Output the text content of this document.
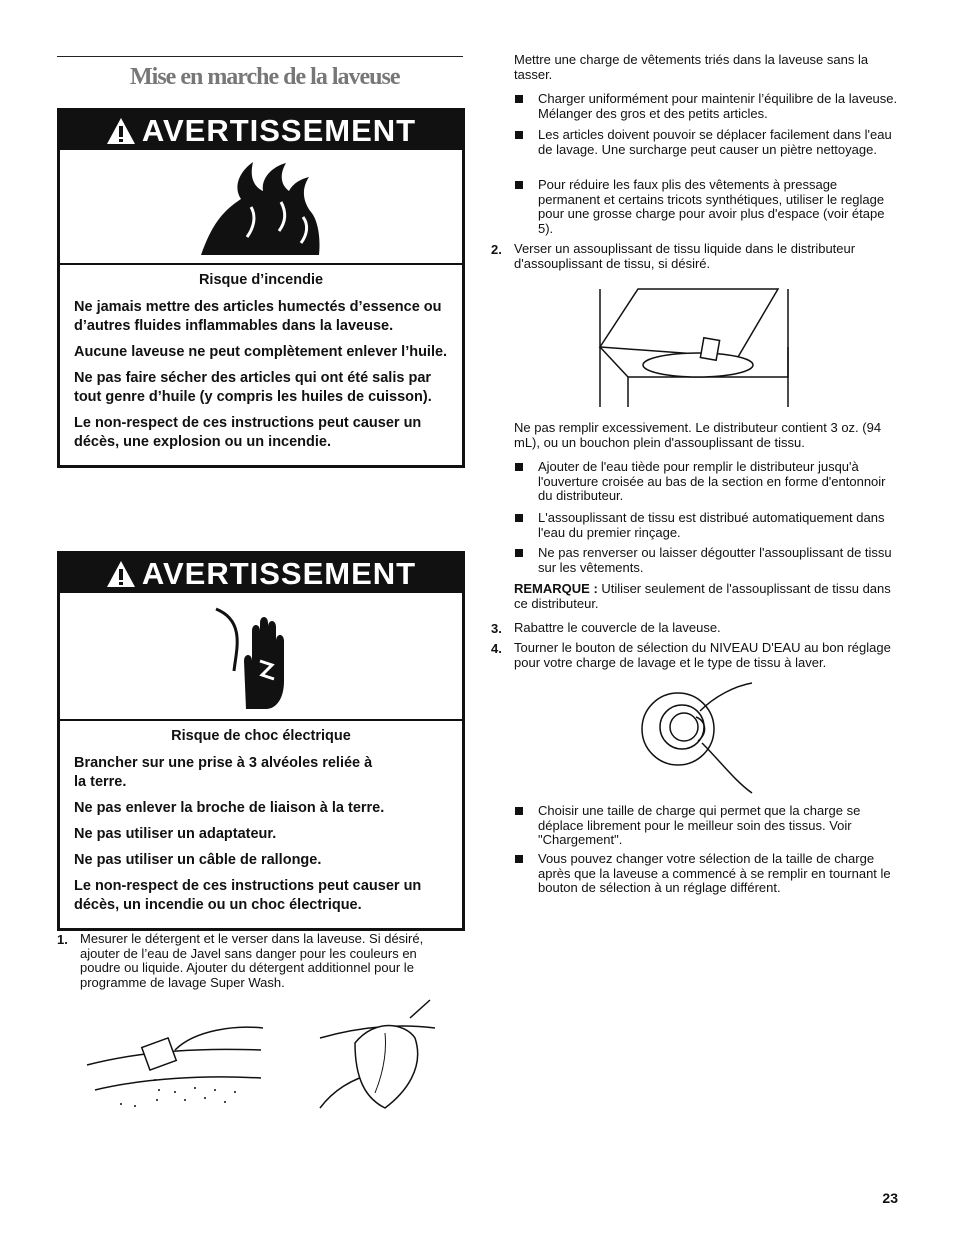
Mise en marche de la laveuse
AVERTISSEMENT
Risque d’incendie

Ne jamais mettre des articles humectés d’essence ou d’autres fluides inflammables dans la laveuse.

Aucune laveuse ne peut complètement enlever l’huile.

Ne pas faire sécher des articles qui ont été salis par tout genre d’huile (y compris les huiles de cuisson).

Le non-respect de ces instructions peut causer un décès, une explosion ou un incendie.

AVERTISSEMENT
Risque de choc électrique

Brancher sur une prise à 3 alvéoles reliée à la terre.

Ne pas enlever la broche de liaison à la terre.

Ne pas utiliser un adaptateur.

Ne pas utiliser un câble de rallonge.

Le non-respect de ces instructions peut causer un décès, un incendie ou un choc électrique.

1. Mesurer le détergent et le verser dans la laveuse. Si désiré, ajouter de l’eau de Javel sans danger pour les couleurs en poudre ou liquide. Ajouter du détergent additionnel pour le programme de lavage Super Wash.
Mettre une charge de vêtements triés dans la laveuse sans la tasser.
Charger uniformément pour maintenir l’équilibre de la laveuse. Mélanger des gros et des petits articles.
Les articles doivent pouvoir se déplacer facilement dans l'eau de lavage. Une surcharge peut causer un piètre nettoyage.
Pour réduire les faux plis des vêtements à pressage permanent et certains tricots synthétiques, utiliser le reglage pour une grosse charge pour avoir plus d'espace (voir étape 5).
2. Verser un assouplissant de tissu liquide dans le distributeur d'assouplissant de tissu, si désiré.
Ne pas remplir excessivement. Le distributeur contient 3 oz. (94 mL), ou un bouchon plein d'assouplissant de tissu.
Ajouter de l'eau tiède pour remplir le distributeur jusqu'à l'ouverture croisée au bas de la section en forme d'entonnoir du distributeur.
L'assouplissant de tissu est distribué automatiquement dans l'eau du premier rinçage.
Ne pas renverser ou laisser dégoutter l'assouplissant de tissu sur les vêtements.
REMARQUE : Utiliser seulement de l'assouplissant de tissu dans ce distributeur.
3. Rabattre le couvercle de la laveuse.
4. Tourner le bouton de sélection du NIVEAU D'EAU au bon réglage pour votre charge de lavage et le type de tissu à laver.
Choisir une taille de charge qui permet que la charge se déplace librement pour le meilleur soin des tissus. Voir "Chargement".
Vous pouvez changer votre sélection de la taille de charge après que la laveuse a commencé à se remplir en tournant le bouton de sélection à un réglage différent.
23
